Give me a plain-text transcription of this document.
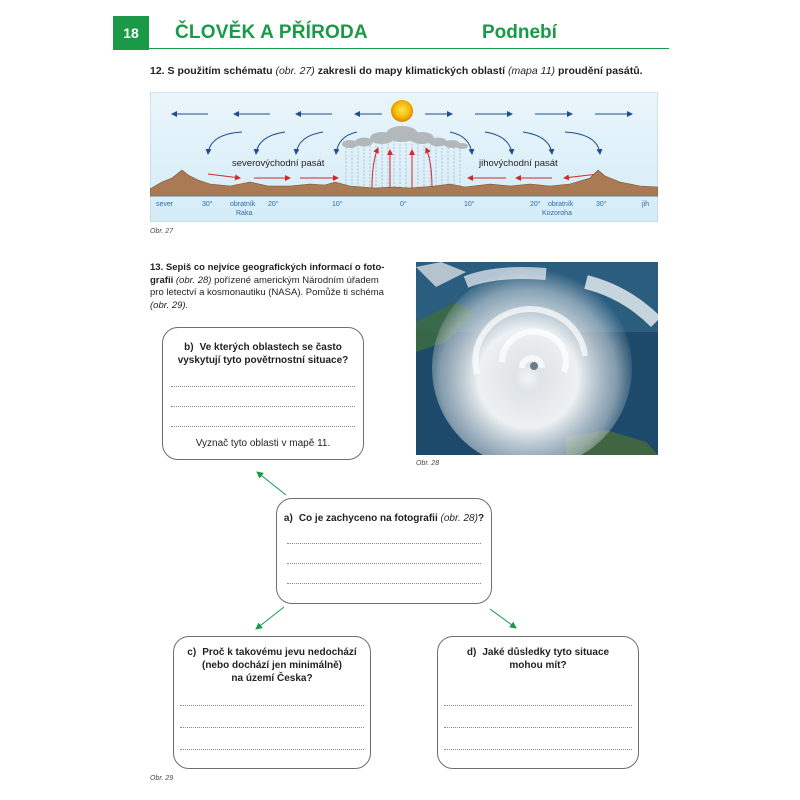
18	ČLOVĚK A PŘÍRODA	Podnebí
12. S použitím schématu (obr. 27) zakresli do mapy klimatických oblastí (mapa 11) proudění pasátů.
severovýchodní pasát	jihovýchodní pasát
sever	30° obratník
Raka
20°	10°	0°	10°	20° obratník
Kozoroha
30°	jih
Obr. 27
13. Sepiš co nejvíce geografických informací o foto-
grafii (obr. 28) pořízené americkým Národním úřadem
pro letectví a kosmonautiku (NASA). Pomůže ti schéma
(obr. 29).
Obr. 28
b) Ve kterých oblastech se často
vyskytují tyto povětrnostní situace?
Vyznač tyto oblasti v mapě 11.
a) Co je zachyceno na fotografii (obr. 28)?
c) Proč k takovému jevu nedochází
(nebo dochází jen minimálně)
na území Česka?
d) Jaké důsledky tyto situace
mohou mít?
Obr. 29
